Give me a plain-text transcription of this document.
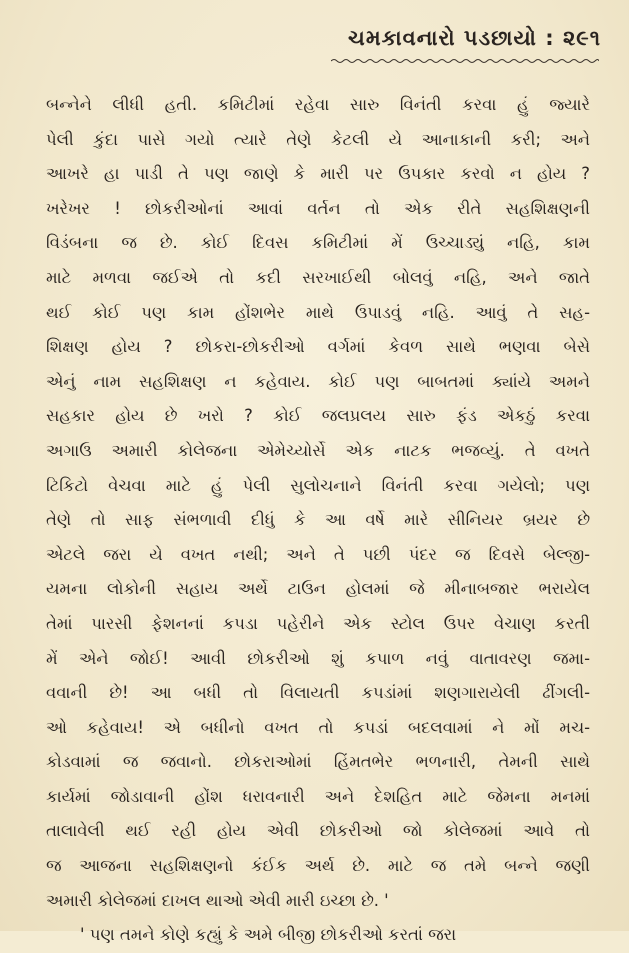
ચમકાવનારો પડછાયો : ૨૯૧
બન્નેને લીધી હતી. કમિટીમાં રહેવા સારુ વિનંતી કરવા હું જ્યારે
પેલી કુંદા પાસે ગયો ત્યારે તેણે કેટલી યે આનાકાની કરી; અને
આખરે હા પાડી તે પણ જાણે કે મારી પર ઉપકાર કરવો ન હોય ?
ખરેખર ! છોકરીઓનાં આવાં વર્તન તો એક રીતે સહશિક્ષણની
વિડંબના જ છે. કોઈ દિવસ કમિટીમાં મેં ઉચ્ચાડ્યું નહિ, કામ
માટે મળવા જઈએ તો કદી સરખાઈથી બોલવું નહિ, અને જાતે
થઈ કોઈ પણ કામ હોંશભેર માથે ઉપાડવું નહિ. આવું તે સહ-
શિક્ષણ હોય ? છોકરા-છોકરીઓ વર્ગમાં કેવળ સાથે ભણવા બેસે
એનું નામ સહશિક્ષણ ન કહેવાય. કોઈ પણ બાબતમાં ક્યાંયે અમને
સહકાર હોય છે ખરો ? કોઈ જલપ્રલય સારુ ફંડ એકઠું કરવા
અગાઉ અમારી કોલેજના એમેચ્યોર્સે એક નાટક ભજવ્યું. તે વખતે
ટિકિટો વેચવા માટે હું પેલી સુલોચનાને વિનંતી કરવા ગયેલો; પણ
તેણે તો સાફ સંભળાવી દીધું કે આ વર્ષે મારે સીનિયર બ્રયર છે
એટલે જરા યે વખત નથી; અને તે પછી પંદર જ દિવસે બેલ્જી-
યમના લોકોની સહાય અર્થે ટાઉન હોલમાં જે મીનાબજાર ભરાયેલ
તેમાં પારસી ફેશનનાં કપડા પહેરીને એક સ્ટોલ ઉપર વેચાણ કરતી
મેં એને જોઈ! આવી છોકરીઓ શું કપાળ નવું વાતાવરણ જમા-
વવાની છે! આ બધી તો વિલાયતી કપડાંમાં શણગારાયેલી ઢીંગલી-
ઓ કહેવાય! એ બધીનો વખત તો કપડાં બદલવામાં ને મોં મચ-
કોડવામાં જ જવાનો. છોકરાઓમાં હિંમતભેર ભળનારી, તેમની સાથે
કાર્યમાં જોડાવાની હોંશ ધરાવનારી અને દેશહિત માટે જેમના મનમાં
તાલાવેલી થઈ રહી હોય એવી છોકરીઓ જો કોલેજમાં આવે તો
જ આજના સહશિક્ષણનો કંઈક અર્થ છે. માટે જ તમે બન્ને જણી
અમારી કોલેજમાં દાખલ થાઓ એવી મારી ઇચ્છા છે. '
' પણ તમને કોણે કહ્યું કે અમે બીજી છોકરીઓ કરતાં જરા
